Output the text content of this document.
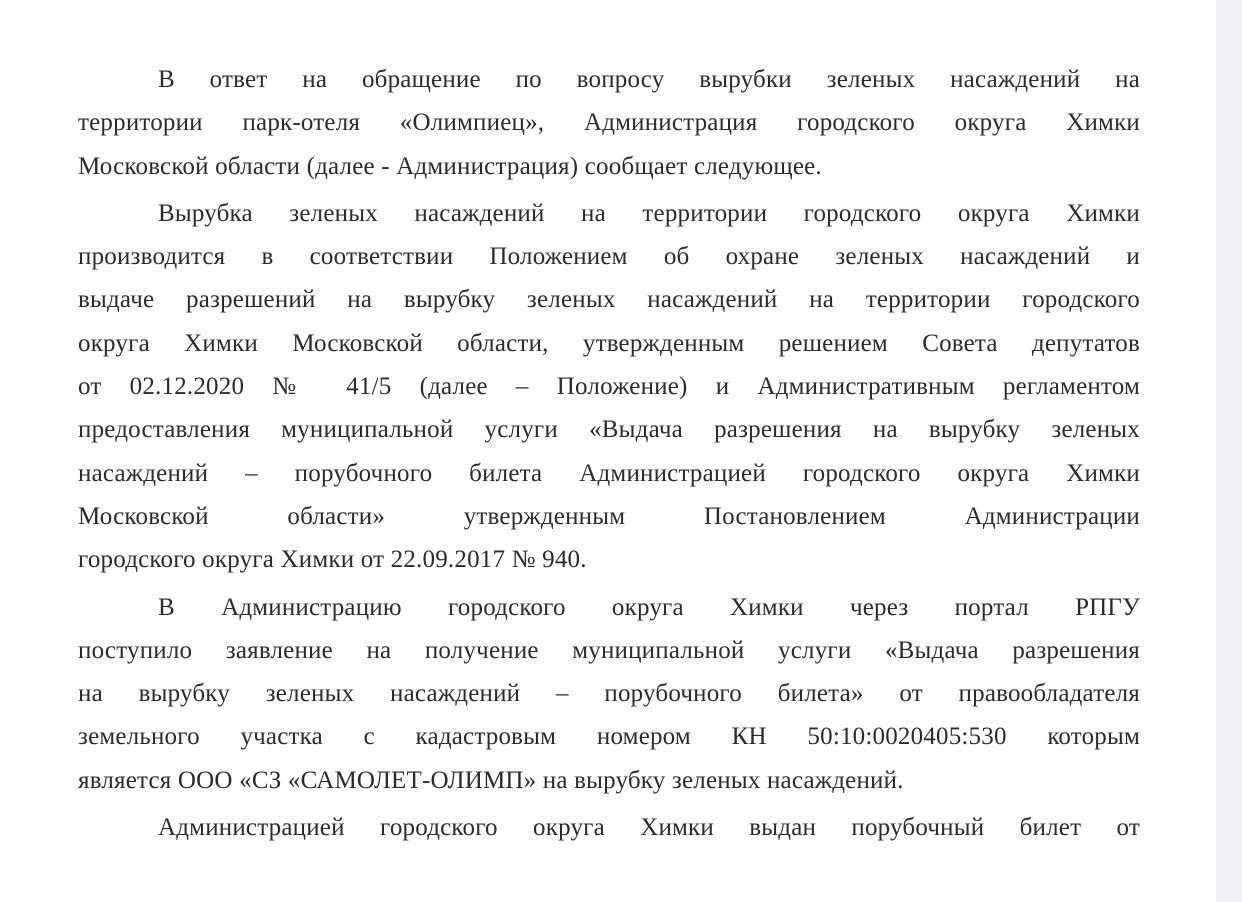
В ответ на обращение по вопросу вырубки зеленых насаждений на
территории парк-отеля «Олимпиец», Администрация городского округа Химки
Московской области (далее - Администрация) сообщает следующее.

Вырубка зеленых насаждений на территории городского округа Химки
производится в соответствии Положением об охране зеленых насаждений и
выдаче разрешений на вырубку зеленых насаждений на территории городского
округа Химки Московской области, утвержденным решением Совета депутатов
от 02.12.2020 № 41/5 (далее – Положение) и Административным регламентом
предоставления муниципальной услуги «Выдача разрешения на вырубку зеленых
насаждений – порубочного билета Администрацией городского округа Химки
Московской области» утвержденным Постановлением Администрации
городского округа Химки от 22.09.2017 № 940.

В Администрацию городского округа Химки через портал РПГУ
поступило заявление на получение муниципальной услуги «Выдача разрешения
на вырубку зеленых насаждений – порубочного билета» от правообладателя
земельного участка с кадастровым номером КН 50:10:0020405:530 которым
является ООО «СЗ «САМОЛЕТ-ОЛИМП» на вырубку зеленых насаждений.

Администрацией городского округа Химки выдан порубочный билет от
